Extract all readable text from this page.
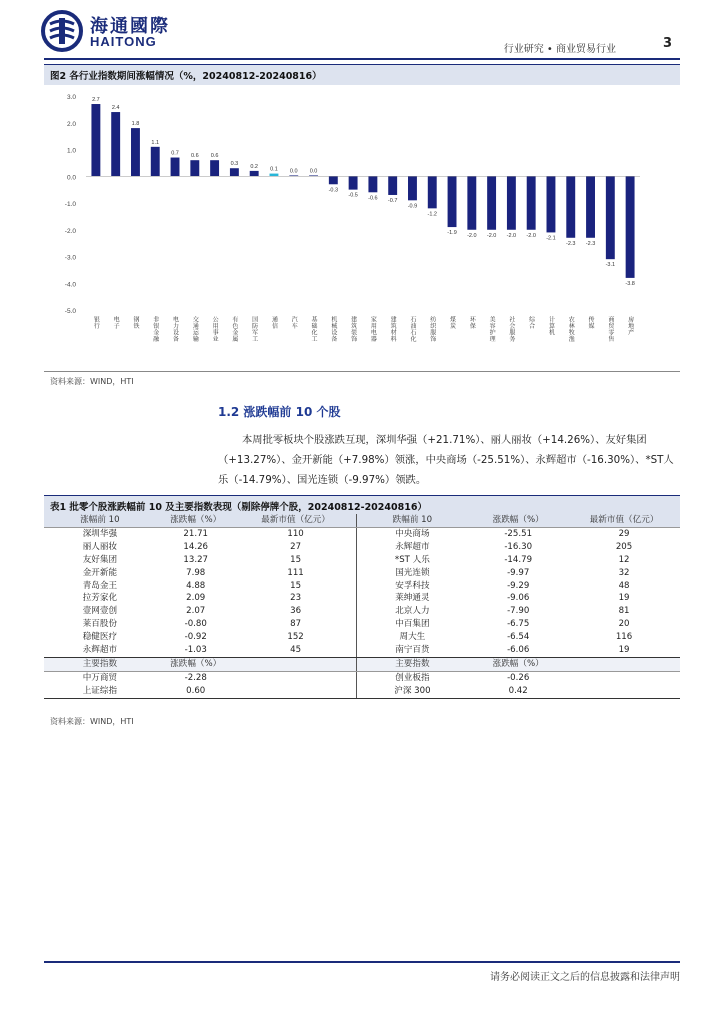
海通國際
HAITONG
行业研究 • 商业贸易行业	3
图2 各行业指数期间涨幅情况（%，20240812-20240816）
3.0
2.0
1.0
0.0
-1.0
-2.0
-3.0
-4.0
-5.0
2.7
银行
2.4
电子
1.8
钢铁
1.1
非银金融
0.7
电力设备
0.6
交通运输
0.6
公用事业
0.3
有色金属
0.2
国防军工
0.1
通信
0.0
汽车
0.0
基础化工
-0.3
机械设备
-0.5
建筑装饰
-0.6
家用电器
-0.7
建筑材料
-0.9
石油石化
-1.2
纺织服饰
-1.9
煤炭
-2.0
环保
-2.0
美容护理
-2.0
社会服务
-2.0
综合
-2.1
计算机
-2.3
农林牧渔
-2.3
传媒
-3.1
商贸零售
-3.8
房地产
资料来源：WIND，HTI
1.2 涨跌幅前 10 个股
本周批零板块个股涨跌互现，深圳华强（+21.71%）、丽人丽妆（+14.26%）、友好集团（+13.27%）、金开新能（+7.98%）领涨，中央商场（-25.51%）、永辉超市（-16.30%）、*ST人乐（-14.79%）、国光连锁（-9.97%）领跌。
表1 批零个股涨跌幅前 10 及主要指数表现（剔除停牌个股，20240812-20240816）
涨幅前 10	涨跌幅（%）	最新市值（亿元）	跌幅前 10	涨跌幅（%）	最新市值（亿元）
深圳华强	21.71	110	中央商场	-25.51	29
丽人丽妆	14.26	27	永辉超市	-16.30	205
友好集团	13.27	15	*ST 人乐	-14.79	12
金开新能	7.98	111	国光连锁	-9.97	32
青岛金王	4.88	15	安孚科技	-9.29	48
拉芳家化	2.09	23	莱绅通灵	-9.06	19
壹网壹创	2.07	36	北京人力	-7.90	81
莱百股份	-0.80	87	中百集团	-6.75	20
稳健医疗	-0.92	152	周大生	-6.54	116
永辉超市	-1.03	45	南宁百货	-6.06	19
主要指数	涨跌幅（%）		主要指数	涨跌幅（%）	
中万商贸	-2.28		创业板指	-0.26	
上证综指	0.60		沪深 300	0.42	
资料来源：WIND，HTI
请务必阅读正文之后的信息披露和法律声明
